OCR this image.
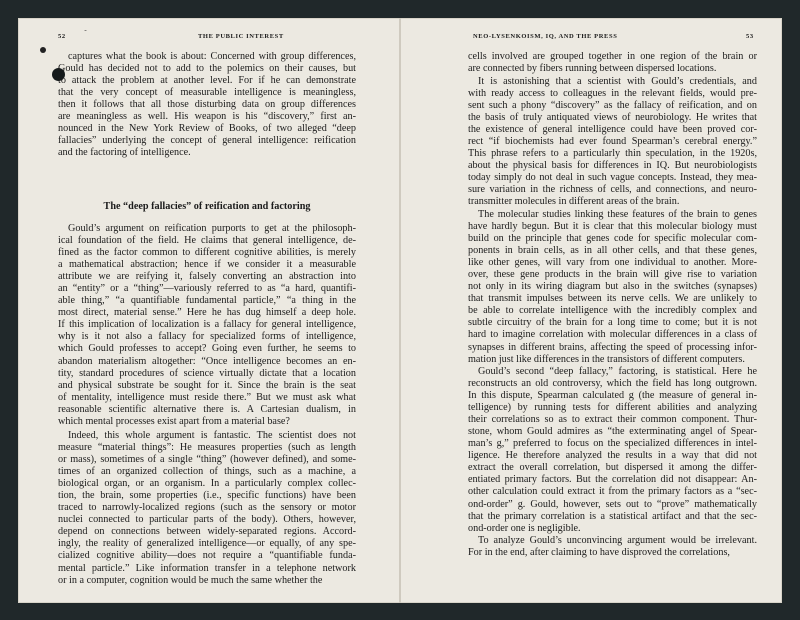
52	˘	THE PUBLIC INTEREST
captures what the book is about: Concerned with group differences,
Gould has decided not to add to the polemics on their causes, but
to attack the problem at another level. For if he can demonstrate
that the very concept of measurable intelligence is meaningless,
then it follows that all those disturbing data on group differences
are meaningless as well. His weapon is his “discovery,” first an-
nounced in the New York Review of Books, of two alleged “deep
fallacies” underlying the concept of general intelligence: reification
and the factoring of intelligence.
The “deep fallacies” of reification and factoring
Gould’s argument on reification purports to get at the philosoph-
ical foundation of the field. He claims that general intelligence, de-
fined as the factor common to different cognitive abilities, is merely
a mathematical abstraction; hence if we consider it a measurable
attribute we are reifying it, falsely converting an abstraction into
an “entity” or a “thing”—variously referred to as “a hard, quantifi-
able thing,” “a quantifiable fundamental particle,” “a thing in the
most direct, material sense.” Here he has dug himself a deep hole.
If this implication of localization is a fallacy for general intelligence,
why is it not also a fallacy for specialized forms of intelligence,
which Gould professes to accept? Going even further, he seems to
abandon materialism altogether: “Once intelligence becomes an en-
tity, standard procedures of science virtually dictate that a location
and physical substrate be sought for it. Since the brain is the seat
of mentality, intelligence must reside there.” But we must ask what
reasonable scientific alternative there is. A Cartesian dualism, in
which mental processes exist apart from a material base?
Indeed, this whole argument is fantastic. The scientist does not
measure “material things”: He measures properties (such as length
or mass), sometimes of a single “thing” (however defined), and some-
times of an organized collection of things, such as a machine, a
biological organ, or an organism. In a particularly complex collec-
tion, the brain, some properties (i.e., specific functions) have been
traced to narrowly-localized regions (such as the sensory or motor
nuclei connected to particular parts of the body). Others, however,
depend on connections between widely-separated regions. Accord-
ingly, the reality of generalized intelligence—or equally, of any spe-
cialized cognitive ability—does not require a “quantifiable funda-
mental particle.” Like information transfer in a telephone network
or in a computer, cognition would be much the same whether the
NEO-LYSENKOISM, IQ, AND THE PRESS	53
cells involved are grouped together in one region of the brain or
are connected by fibers running between dispersed locations.
It is astonishing that a scientist with Gould’s credentials, and
with ready access to colleagues in the relevant fields, would pre-
sent such a phony “discovery” as the fallacy of reification, and on
the basis of truly antiquated views of neurobiology. He writes that
the existence of general intelligence could have been proved cor-
rect “if biochemists had ever found Spearman’s cerebral energy.”
This phrase refers to a particularly thin speculation, in the 1920s,
about the physical basis for differences in IQ. But neurobiologists
today simply do not deal in such vague concepts. Instead, they mea-
sure variation in the richness of cells, and connections, and neuro-
transmitter molecules in different areas of the brain.
The molecular studies linking these features of the brain to genes
have hardly begun. But it is clear that this molecular biology must
build on the principle that genes code for specific molecular com-
ponents in brain cells, as in all other cells, and that these genes,
like other genes, will vary from one individual to another. More-
over, these gene products in the brain will give rise to variation
not only in its wiring diagram but also in the switches (synapses)
that transmit impulses between its nerve cells. We are unlikely to
be able to correlate intelligence with the incredibly complex and
subtle circuitry of the brain for a long time to come; but it is not
hard to imagine correlation with molecular differences in a class of
synapses in different brains, affecting the speed of processing infor-
mation just like differences in the transistors of different computers.
Gould’s second “deep fallacy,” factoring, is statistical. Here he
reconstructs an old controversy, which the field has long outgrown.
In this dispute, Spearman calculated g (the measure of general in-
telligence) by running tests for different abilities and analyzing
their correlations so as to extract their common component. Thur-
stone, whom Gould admires as “the exterminating angel of Spear-
man’s g,” preferred to focus on the specialized differences in intel-
ligence. He therefore analyzed the results in a way that did not
extract the overall correlation, but dispersed it among the differ-
entiated primary factors. But the correlation did not disappear: An-
other calculation could extract it from the primary factors as a “sec-
ond-order” g. Gould, however, sets out to “prove” mathematically
that the primary correlation is a statistical artifact and that the sec-
ond-order one is negligible.
To analyze Gould’s unconvincing argument would be irrelevant.
For in the end, after claiming to have disproved the correlations,
